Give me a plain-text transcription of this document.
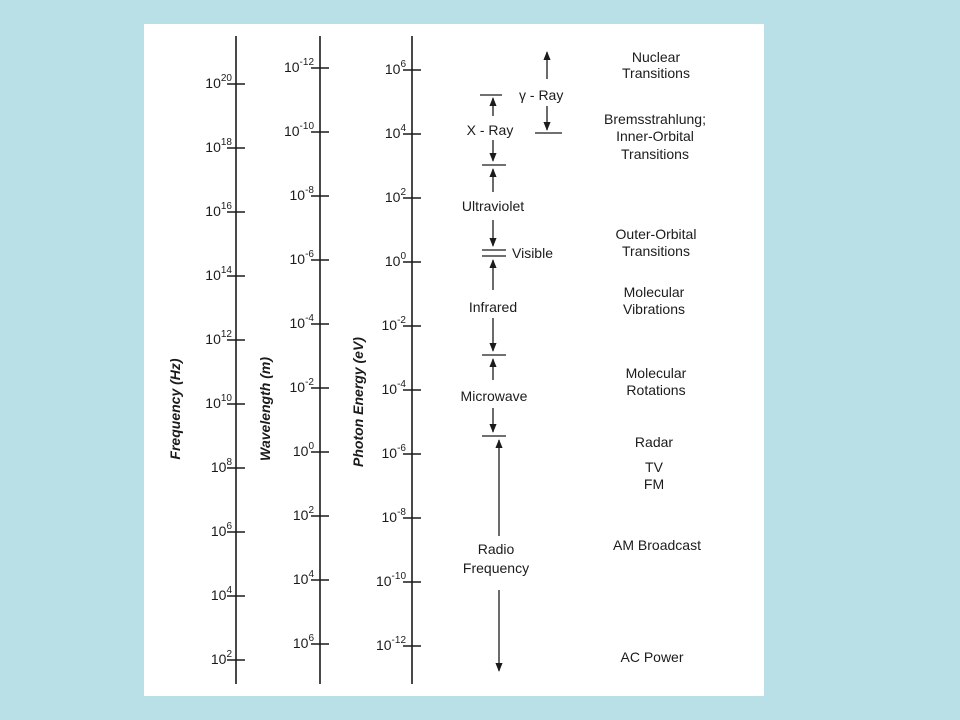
Frequency (Hz)	Wavelength (m)	Photon Energy (eV)
$10^{20}$
$10^{18}$
$10^{16}$
$10^{14}$
$10^{12}$
$10^{10}$
$10^8$
$10^6$
$10^4$
$10^2$
$10^{-12}$
$10^{-10}$
$10^{-8}$
$10^{-6}$
$10^{-4}$
$10^{-2}$
$10^0$
$10^2$
$10^4$
$10^6$
$10^6$
$10^4$
$10^2$
$10^0$
$10^{-2}$
$10^{-4}$
$10^{-6}$
$10^{-8}$
$10^{-10}$
$10^{-12}$
γ - Ray
X - Ray
Ultraviolet
Visible
Infrared
Microwave
Radio
Frequency
Nuclear
Transitions
Bremsstrahlung;
Inner-Orbital
Transitions
Outer-Orbital
Transitions
Molecular
Vibrations
Molecular
Rotations
Radar
TV
FM
AM Broadcast
AC Power
